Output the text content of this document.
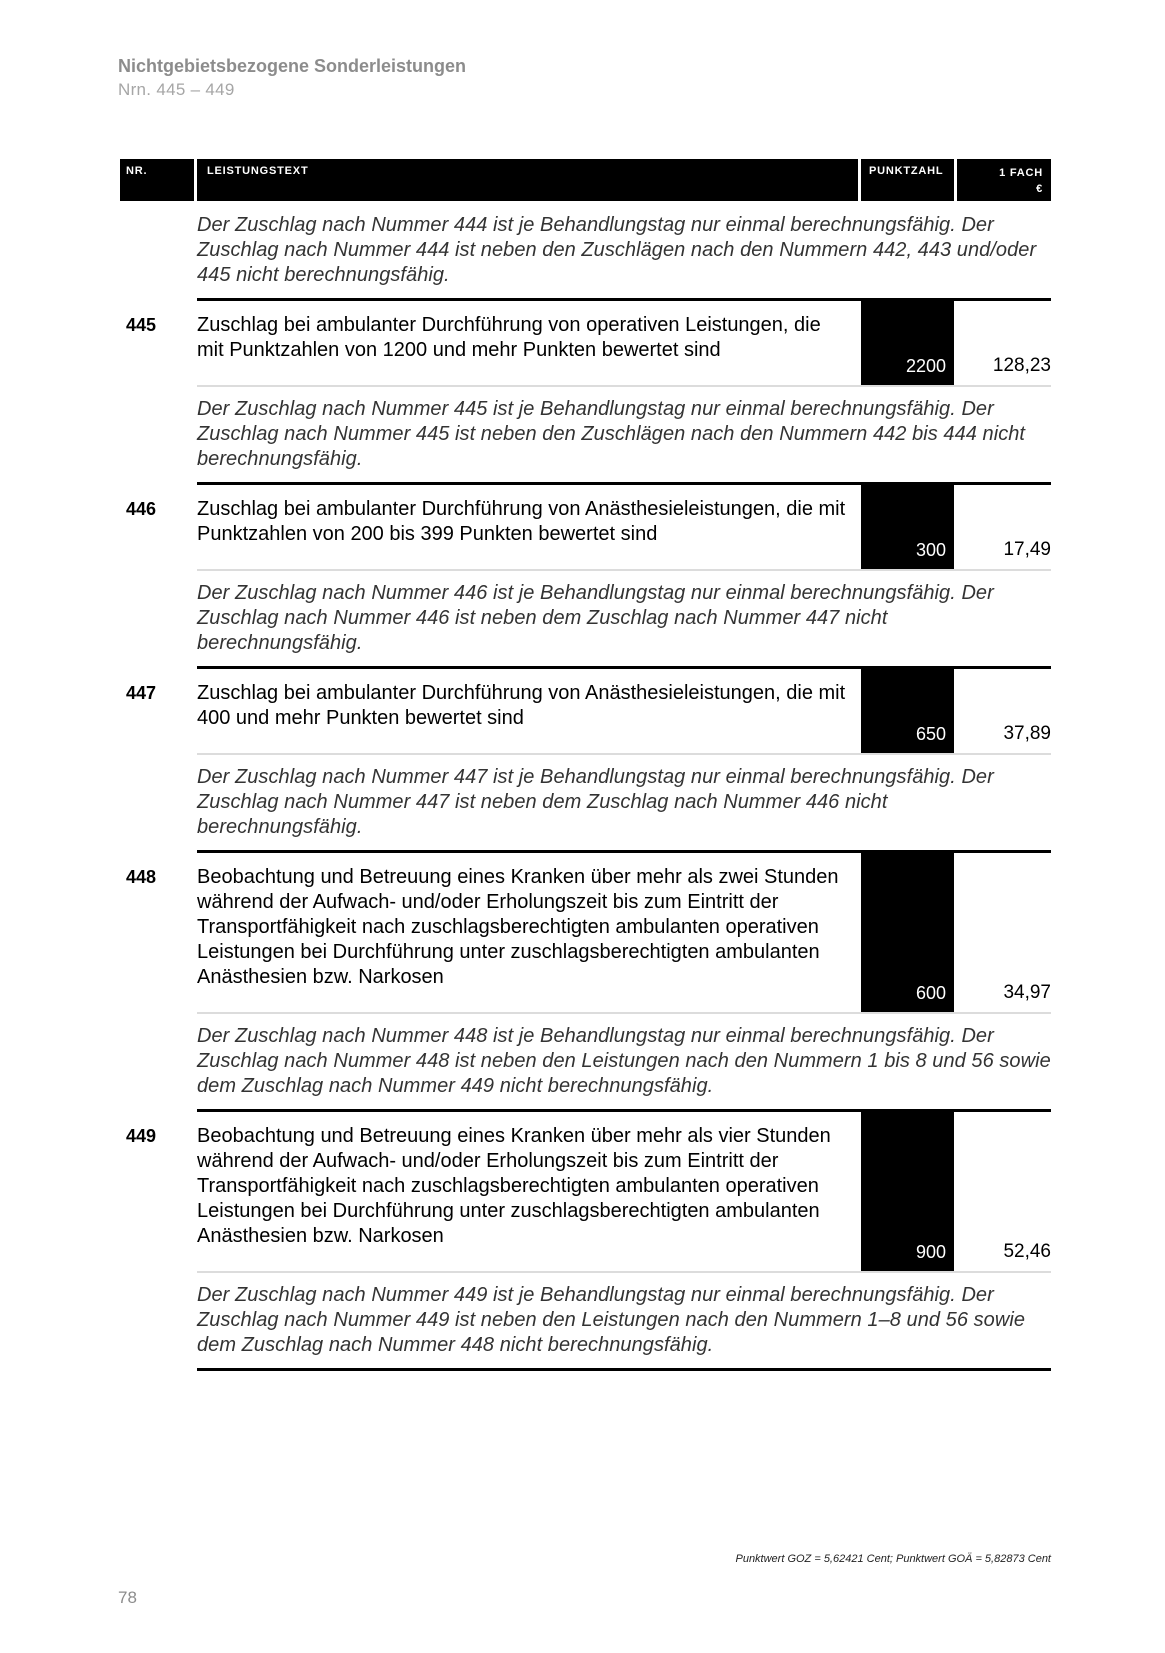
Nichtgebietsbezogene Sonderleistungen
Nrn. 445 – 449
NR.	LEISTUNGSTEXT	PUNKTZAHL	1 FACH
€
Der Zuschlag nach Nummer 444 ist je Behandlungstag nur einmal berechnungsfähig. Der Zuschlag nach Nummer 444 ist neben den Zuschlägen nach den Nummern 442, 443 und/oder 445 nicht berechnungsfähig.
445 Zuschlag bei ambulanter Durchführung von operativen Leistungen, die mit Punktzahlen von 1200 und mehr Punkten bewertet sind
2200 128,23
Der Zuschlag nach Nummer 445 ist je Behandlungstag nur einmal berechnungsfähig. Der Zuschlag nach Nummer 445 ist neben den Zuschlägen nach den Nummern 442 bis 444 nicht berechnungsfähig.
446 Zuschlag bei ambulanter Durchführung von Anästhesieleistungen, die mit Punktzahlen von 200 bis 399 Punkten bewertet sind
300	17,49
Der Zuschlag nach Nummer 446 ist je Behandlungstag nur einmal berechnungsfähig. Der Zuschlag nach Nummer 446 ist neben dem Zuschlag nach Nummer 447 nicht berechnungsfähig.
447 Zuschlag bei ambulanter Durchführung von Anästhesieleistungen, die mit 400 und mehr Punkten bewertet sind
650	37,89
Der Zuschlag nach Nummer 447 ist je Behandlungstag nur einmal berechnungsfähig. Der Zuschlag nach Nummer 447 ist neben dem Zuschlag nach Nummer 446 nicht berechnungsfähig.
448 Beobachtung und Betreuung eines Kranken über mehr als zwei Stunden während der Aufwach- und/oder Erholungszeit bis zum Eintritt der Transportfähigkeit nach zuschlagsberechtigten ambulanten operativen Leistungen bei Durchführung unter zuschlagsberechtigten ambulanten Anästhesien bzw. Narkosen
600	34,97
Der Zuschlag nach Nummer 448 ist je Behandlungstag nur einmal berechnungsfähig. Der Zuschlag nach Nummer 448 ist neben den Leistungen nach den Nummern 1 bis 8 und 56 sowie dem Zuschlag nach Nummer 449 nicht berechnungsfähig.
449 Beobachtung und Betreuung eines Kranken über mehr als vier Stunden während der Aufwach- und/oder Erholungszeit bis zum Eintritt der Transportfähigkeit nach zuschlagsberechtigten ambulanten operativen Leistungen bei Durchführung unter zuschlagsberechtigten ambulanten Anästhesien bzw. Narkosen
900	52,46
Der Zuschlag nach Nummer 449 ist je Behandlungstag nur einmal berechnungsfähig. Der Zuschlag nach Nummer 449 ist neben den Leistungen nach den Nummern 1–8 und 56 sowie dem Zuschlag nach Nummer 448 nicht berechnungsfähig.
Punktwert GOZ = 5,62421 Cent; Punktwert GOÄ = 5,82873 Cent
78
